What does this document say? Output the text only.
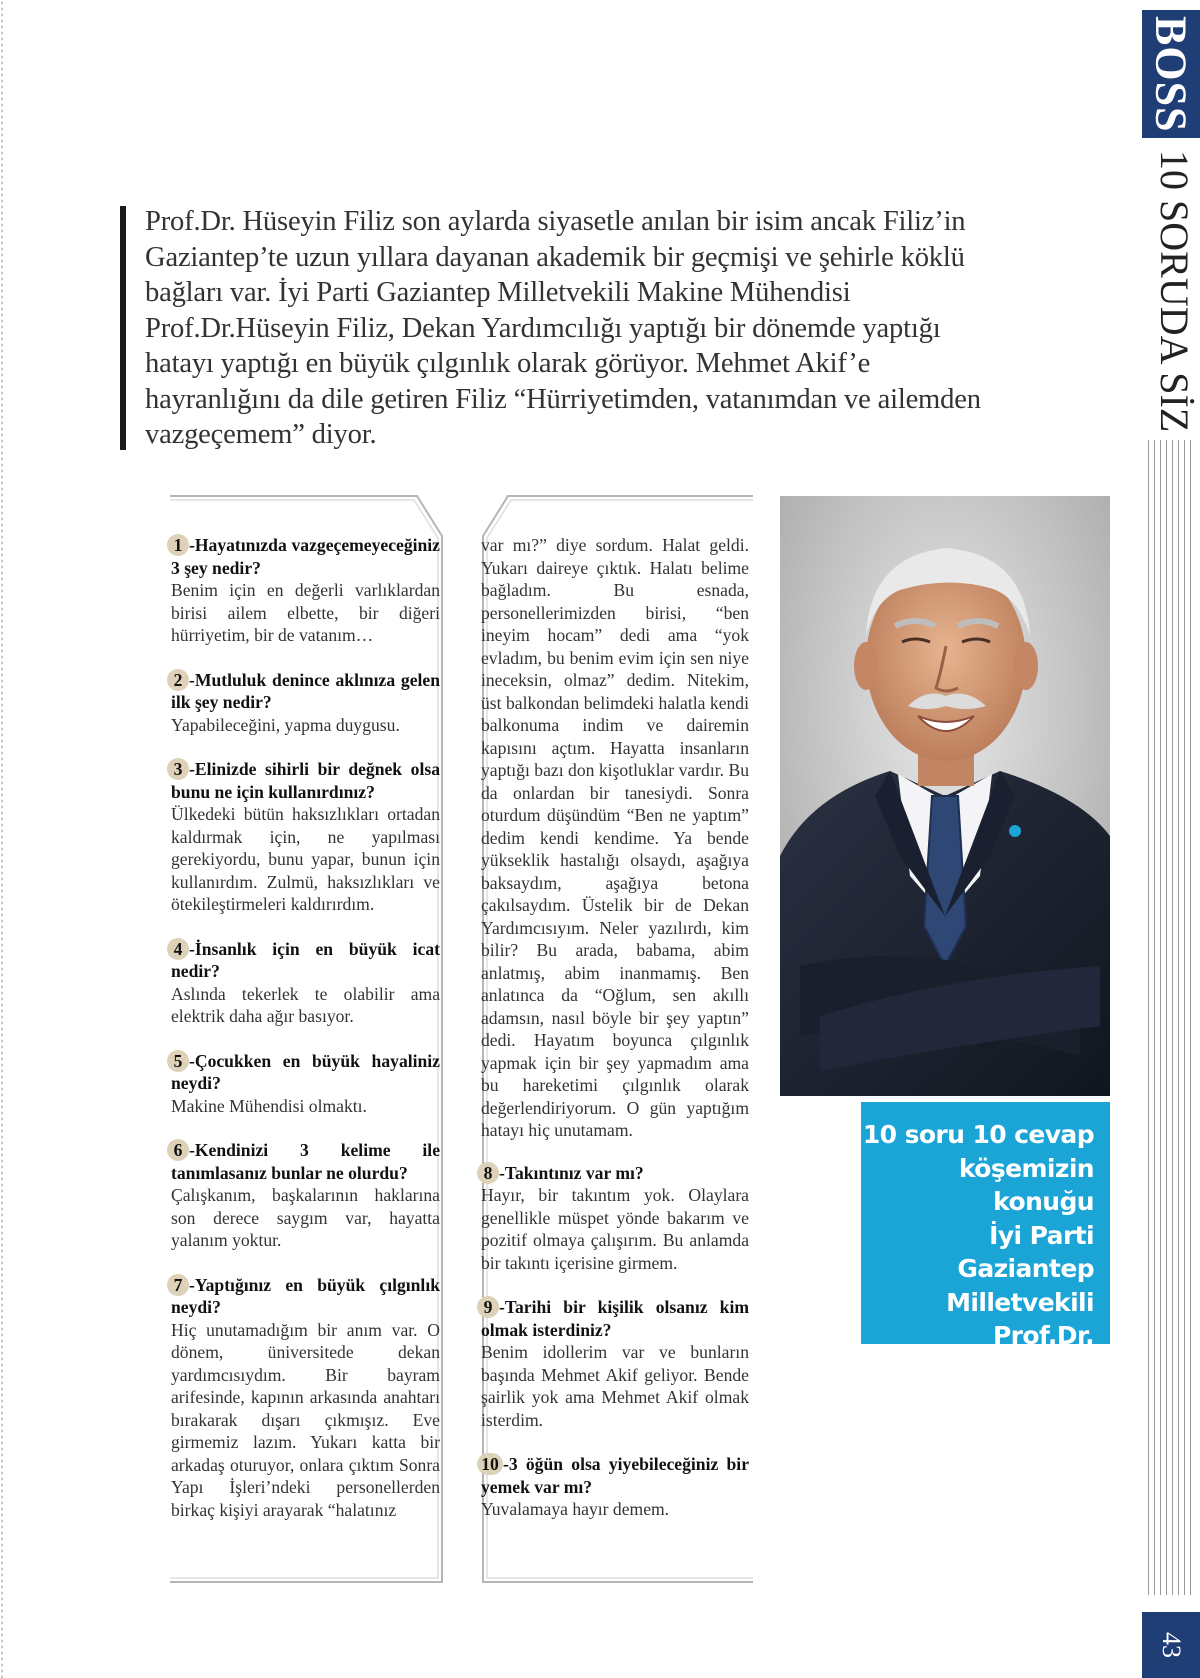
BOSS
10 SORUDA SİZ
43

Prof.Dr. Hüseyin Filiz son aylarda siyasetle anılan bir isim ancak Filiz’in Gaziantep’te uzun yıllara dayanan akademik bir geçmişi ve şehirle köklü bağları var. İyi Parti Gaziantep Milletvekili Makine Mühendisi Prof.Dr.Hüseyin Filiz, Dekan Yardımcılığı yaptığı bir dönemde yaptığı hatayı yaptığı en büyük çılgınlık olarak görüyor. Mehmet Akif’e hayranlığını da dile getiren Filiz “Hürriyetimden, vatanımdan ve ailemden vazgeçemem” diyor.

1 -Hayatınızda vazgeçemeyeceğiniz 3 şey nedir?

Benim için en değerli varlıklardan birisi ailem elbette, bir diğeri hürriyetim, bir de vatanım…

2 -Mutluluk denince aklınıza gelen ilk şey nedir?

Yapabileceğini, yapma duygusu.

3 -Elinizde sihirli bir değnek olsa bunu ne için kullanırdınız?

Ülkedeki bütün haksızlıkları ortadan kaldırmak için, ne yapılması gerekiyordu, bunu yapar, bunun için kullanırdım. Zulmü, haksızlıkları ve ötekileştirmeleri kaldırırdım.

4 -İnsanlık için en büyük icat nedir?

Aslında tekerlek te olabilir ama elektrik daha ağır basıyor.

5 -Çocukken en büyük hayaliniz neydi?

Makine Mühendisi olmaktı.

6 -Kendinizi 3 kelime ile tanımlasanız bunlar ne olurdu?

Çalışkanım, başkalarının haklarına son derece saygım var, hayatta yalanım yoktur.

7 -Yaptığınız en büyük çılgınlık neydi?

Hiç unutamadığım bir anım var. O dönem, üniversitede dekan yardımcısıydım. Bir bayram arifesinde, kapının arkasında anahtarı bırakarak dışarı çıkmışız. Eve girmemiz lazım. Yukarı katta bir arkadaş oturuyor, onlara çıktım Sonra Yapı İşleri’ndeki personellerden birkaç kişiyi arayarak “halatınız

var mı?” diye sordum. Halat geldi. Yukarı daireye çıktık. Halatı belime bağladım. Bu esnada, personellerimizden birisi, “ben ineyim hocam” dedi ama “yok evladım, bu benim evim için sen niye ineceksin, olmaz” dedim. Nitekim, üst balkondan belimdeki halatla kendi balkonuma indim ve dairemin kapısını açtım. Hayatta insanların yaptığı bazı don kişotluklar vardır. Bu da onlardan bir tanesiydi. Sonra oturdum düşündüm “Ben ne yaptım” dedim kendi kendime. Ya bende yükseklik hastalığı olsaydı, aşağıya baksaydım, aşağıya betona çakılsaydım. Üstelik bir de Dekan Yardımcısıyım. Neler yazılırdı, kim bilir? Bu arada, babama, abim anlatmış, abim inanmamış. Ben anlatınca da “Oğlum, sen akıllı adamsın, nasıl böyle bir şey yaptın” dedi. Hayatım boyunca çılgınlık yapmak için bir şey yapmadım ama bu hareketimi çılgınlık olarak değerlendiriyorum. O gün yaptığım hatayı hiç unutamam.

8 -Takıntınız var mı?

Hayır, bir takıntım yok. Olaylara genellikle müspet yönde bakarım ve pozitif olmaya çalışırım. Bu anlamda bir takıntı içerisine girmem.

9 -Tarihi bir kişilik olsanız kim olmak isterdiniz?

Benim idollerim var ve bunların başında Mehmet Akif geliyor. Bende şairlik yok ama Mehmet Akif olmak isterdim.

10 -3 öğün olsa yiyebileceğiniz bir yemek var mı?

Yuvalamaya hayır demem.

10 soru 10 cevap
köşemizin konuğu
İyi Parti Gaziantep
Milletvekili
Prof.Dr.
Hüseyin Filiz
